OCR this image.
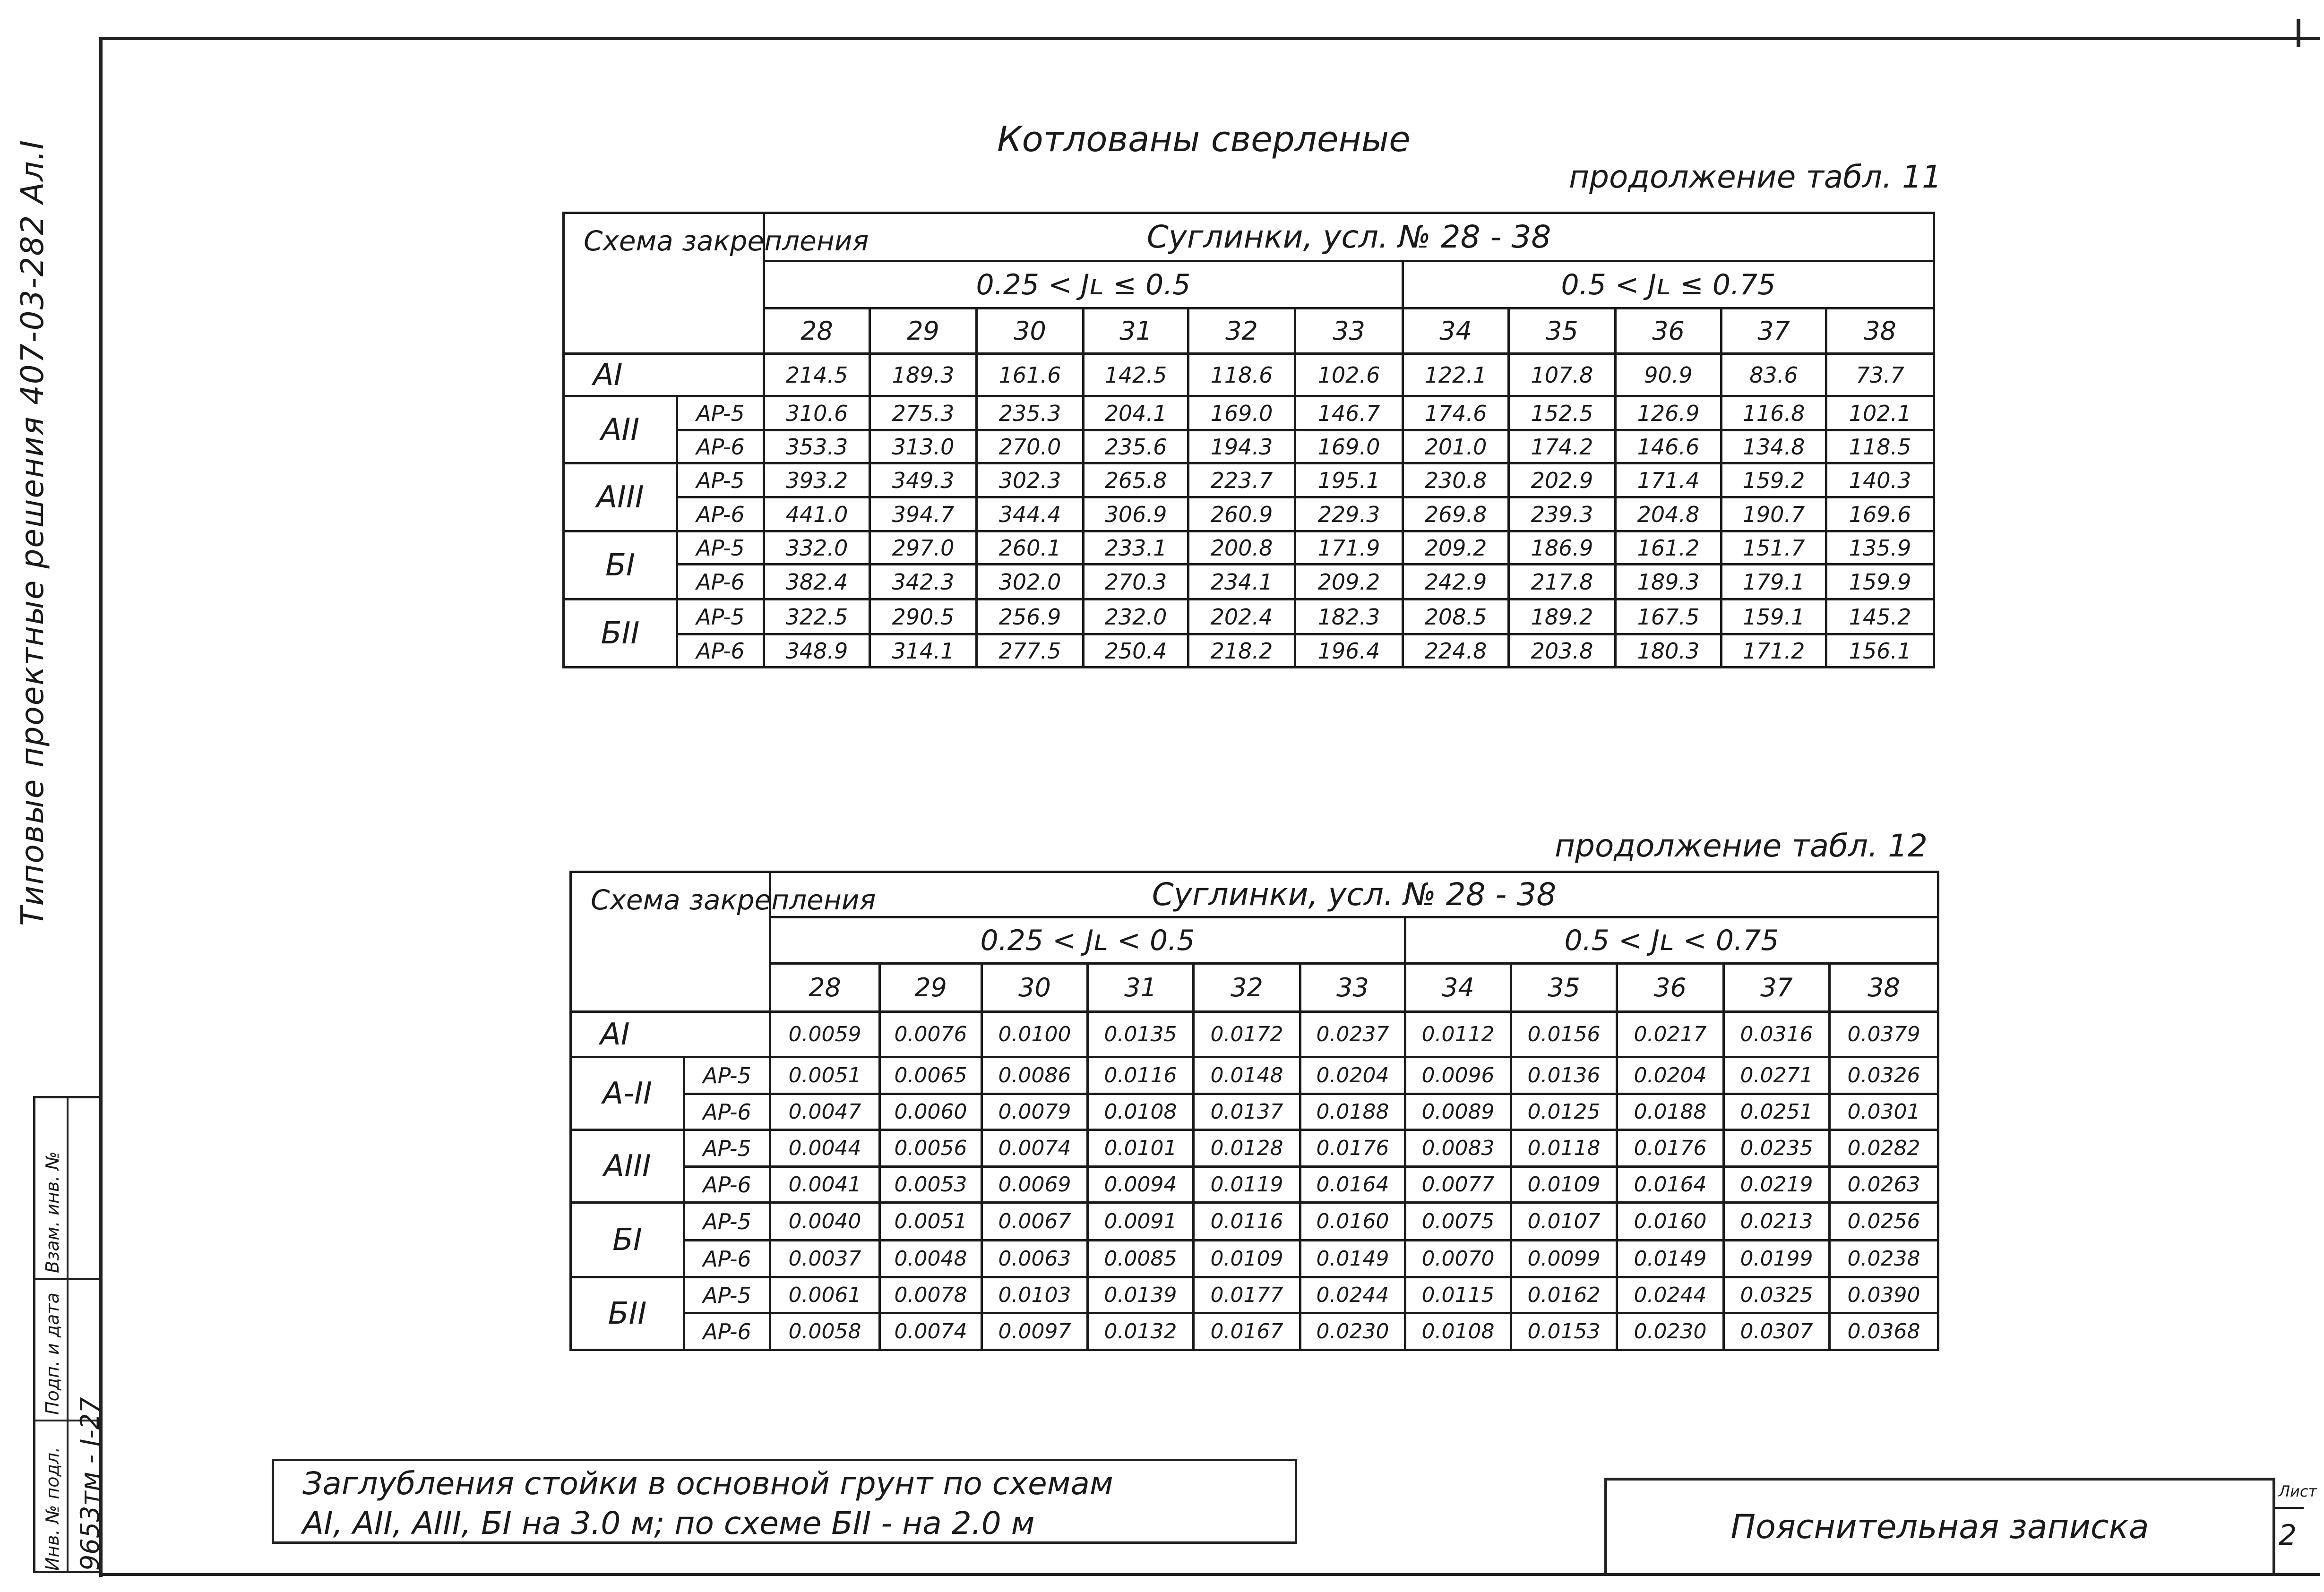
Типовые проектные решения 407-03-282 Ал.I
Инв. № подл. 9653тм - I-27
Подп. и дата
Взам. инв. №
Котлованы сверленые
продолжение табл. 11
Схема закрепления		Суглинки, усл. № 28 - 38										
		0.25 < Jʟ ≤ 0.5						0.5 < Jʟ ≤ 0.75				
		28	29	30	31	32	33	34	35	36	37	38
AI		214.5	189.3	161.6	142.5	118.6	102.6	122.1	107.8	90.9	83.6	73.7
AII	AP-5	310.6	275.3	235.3	204.1	169.0	146.7	174.6	152.5	126.9	116.8	102.1
	AP-6	353.3	313.0	270.0	235.6	194.3	169.0	201.0	174.2	146.6	134.8	118.5
AIII	AP-5	393.2	349.3	302.3	265.8	223.7	195.1	230.8	202.9	171.4	159.2	140.3
	AP-6	441.0	394.7	344.4	306.9	260.9	229.3	269.8	239.3	204.8	190.7	169.6
БI	AP-5	332.0	297.0	260.1	233.1	200.8	171.9	209.2	186.9	161.2	151.7	135.9
	AP-6	382.4	342.3	302.0	270.3	234.1	209.2	242.9	217.8	189.3	179.1	159.9
БII	AP-5	322.5	290.5	256.9	232.0	202.4	182.3	208.5	189.2	167.5	159.1	145.2
	AP-6	348.9	314.1	277.5	250.4	218.2	196.4	224.8	203.8	180.3	171.2	156.1
продолжение табл. 12
Схема закрепления		Суглинки, усл. № 28 - 38										
		0.25 < Jʟ < 0.5						0.5 < Jʟ < 0.75				
		28	29	30	31	32	33	34	35	36	37	38
AI		0.0059	0.0076	0.0100	0.0135	0.0172	0.0237	0.0112	0.0156	0.0217	0.0316	0.0379
A-II	AP-5	0.0051	0.0065	0.0086	0.0116	0.0148	0.0204	0.0096	0.0136	0.0204	0.0271	0.0326
	AP-6	0.0047	0.0060	0.0079	0.0108	0.0137	0.0188	0.0089	0.0125	0.0188	0.0251	0.0301
AIII	AP-5	0.0044	0.0056	0.0074	0.0101	0.0128	0.0176	0.0083	0.0118	0.0176	0.0235	0.0282
	AP-6	0.0041	0.0053	0.0069	0.0094	0.0119	0.0164	0.0077	0.0109	0.0164	0.0219	0.0263
БI	AP-5	0.0040	0.0051	0.0067	0.0091	0.0116	0.0160	0.0075	0.0107	0.0160	0.0213	0.0256
	AP-6	0.0037	0.0048	0.0063	0.0085	0.0109	0.0149	0.0070	0.0099	0.0149	0.0199	0.0238
БII	AP-5	0.0061	0.0078	0.0103	0.0139	0.0177	0.0244	0.0115	0.0162	0.0244	0.0325	0.0390
	AP-6	0.0058	0.0074	0.0097	0.0132	0.0167	0.0230	0.0108	0.0153	0.0230	0.0307	0.0368
Заглубления стойки в основной грунт по схемам
AI, AII, AIII, БI на 3.0 м; по схеме БII - на 2.0 м	Пояснительная записка
Лист
2
